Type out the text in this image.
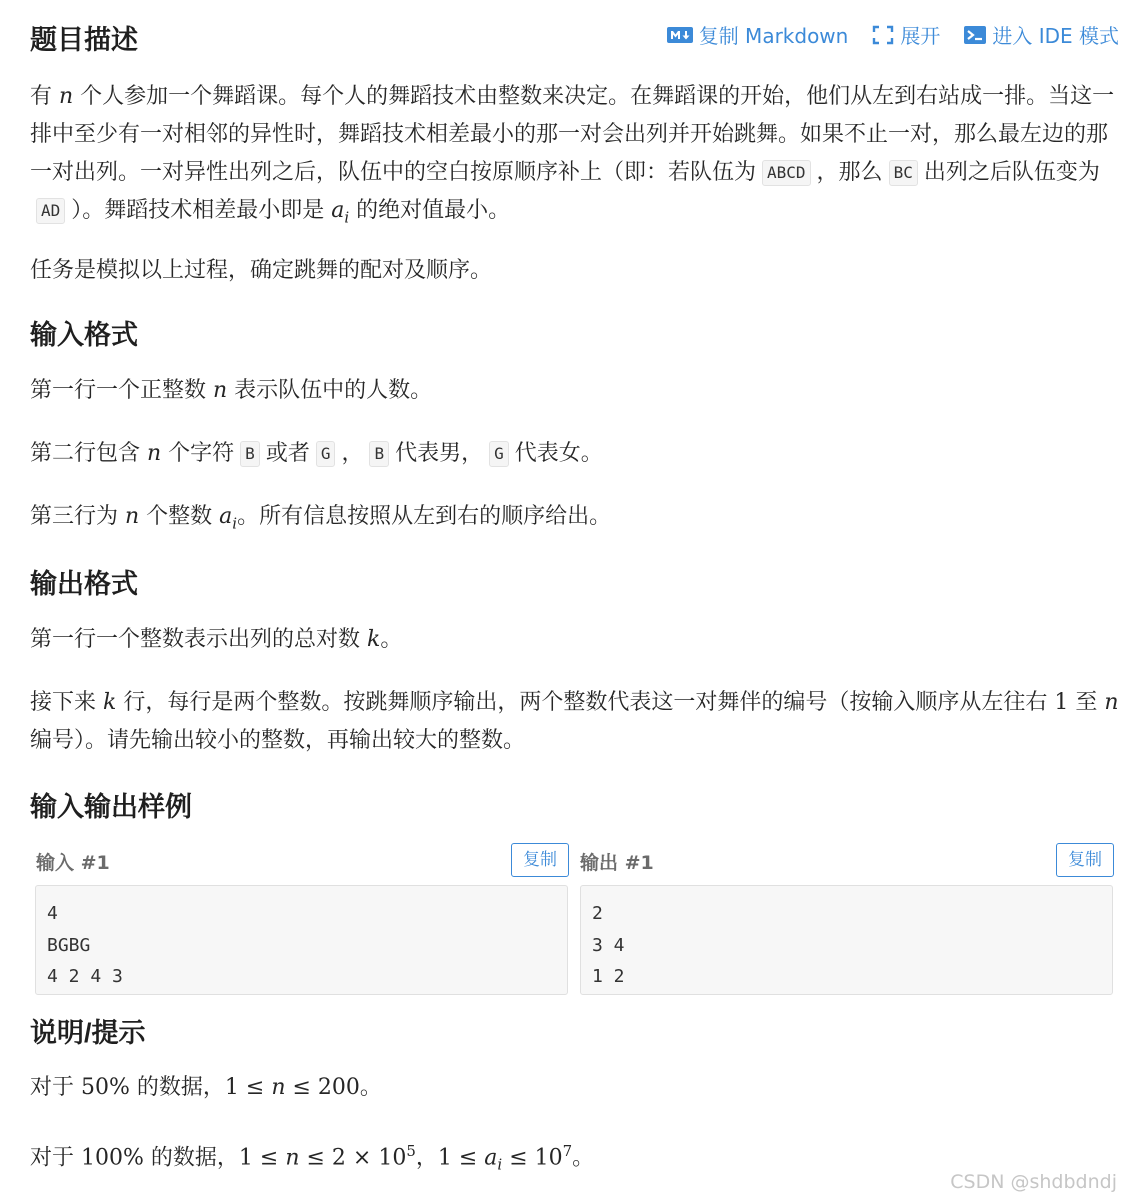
复制 Markdown	展开	进入 IDE 模式
题目描述

有 n 个人参加一个舞蹈课。每个人的舞蹈技术由整数来决定。在舞蹈课的开始，他们从左到右站成一排。当这一排中至少有一对相邻的异性时，舞蹈技术相差最小的那一对会出列并开始跳舞。如果不止一对，那么最左边的那一对出列。一对异性出列之后，队伍中的空白按原顺序补上（即：若队伍为 ABCD ，那么 BC 出列之后队伍变为AD ）。舞蹈技术相差最小即是 $a_i$ 的绝对值最小。

任务是模拟以上过程，确定跳舞的配对及顺序。

输入格式

第一行一个正整数 n 表示队伍中的人数。

第二行包含 n 个字符 B 或者 G ， B 代表男， G 代表女。

第三行为 n 个整数 $a_i$。所有信息按照从左到右的顺序给出。

输出格式

第一行一个整数表示出列的总对数 k。

接下来 k 行，每行是两个整数。按跳舞顺序输出，两个整数代表这一对舞伴的编号（按输入顺序从左往右 1 至 n 编号）。请先输出较小的整数，再输出较大的整数。

输入输出样例
输入 #1	复制
4
BGBG
4 2 4 3
输出 #1	复制
2
3 4
1 2
说明/提示

对于 50% 的数据，1 ≤ n ≤ 200。

对于 100% 的数据，$1 \le n \le 2 \times 10^5$，$1 \le a_i \le 10^7$。

CSDN @shdbdndj
